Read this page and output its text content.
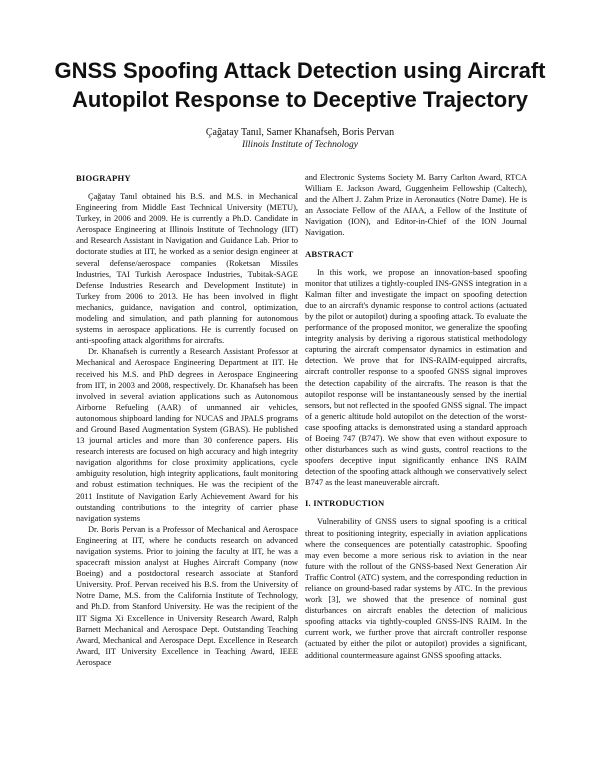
GNSS Spoofing Attack Detection using Aircraft
Autopilot Response to Deceptive Trajectory
Çağatay Tanıl, Samer Khanafseh, Boris Pervan
Illinois Institute of Technology

BIOGRAPHY

Çağatay Tanıl obtained his B.S. and M.S. in Mechanical Engineering from Middle East Technical University (METU), Turkey, in 2006 and 2009. He is currently a Ph.D. Candidate in Aerospace Engineering at Illinois Institute of Technology (IIT) and Research Assistant in Navigation and Guidance Lab. Prior to doctorate studies at IIT, he worked as a senior design engineer at several defense/aerospace companies (Roketsan Missiles Industries, TAI Turkish Aerospace Industries, Tubitak-SAGE Defense Industries Research and Development Institute) in Turkey from 2006 to 2013. He has been involved in flight mechanics, guidance, navigation and control, optimization, modeling and simulation, and path planning for autonomous systems in aerospace applications. He is currently focused on anti-spoofing attack algorithms for aircrafts.

Dr. Khanafseh is currently a Research Assistant Professor at Mechanical and Aerospace Engineering Department at IIT. He received his M.S. and PhD degrees in Aerospace Engineering from IIT, in 2003 and 2008, respectively. Dr. Khanafseh has been involved in several aviation applications such as Autonomous Airborne Refueling (AAR) of unmanned air vehicles, autonomous shipboard landing for NUCAS and JPALS programs and Ground Based Augmentation System (GBAS). He published 13 journal articles and more than 30 conference papers. His research interests are focused on high accuracy and high integrity navigation algorithms for close proximity applications, cycle ambiguity resolution, high integrity applications, fault monitoring and robust estimation techniques. He was the recipient of the 2011 Institute of Navigation Early Achievement Award for his outstanding contributions to the integrity of carrier phase navigation systems

Dr. Boris Pervan is a Professor of Mechanical and Aerospace Engineering at IIT, where he conducts research on advanced navigation systems. Prior to joining the faculty at IIT, he was a spacecraft mission analyst at Hughes Aircraft Company (now Boeing) and a postdoctoral research associate at Stanford University. Prof. Pervan received his B.S. from the University of Notre Dame, M.S. from the California Institute of Technology, and Ph.D. from Stanford University. He was the recipient of the IIT Sigma Xi Excellence in University Research Award, Ralph Barnett Mechanical and Aerospace Dept. Outstanding Teaching Award, Mechanical and Aerospace Dept. Excellence in Research Award, IIT University Excellence in Teaching Award, IEEE Aerospace

and Electronic Systems Society M. Barry Carlton Award, RTCA William E. Jackson Award, Guggenheim Fellowship (Caltech), and the Albert J. Zahm Prize in Aeronautics (Notre Dame). He is an Associate Fellow of the AIAA, a Fellow of the Institute of Navigation (ION), and Editor-in-Chief of the ION Journal Navigation.

ABSTRACT

In this work, we propose an innovation-based spoofing monitor that utilizes a tightly-coupled INS-GNSS integration in a Kalman filter and investigate the impact on spoofing detection due to an aircraft's dynamic response to control actions (actuated by the pilot or autopilot) during a spoofing attack. To evaluate the performance of the proposed monitor, we generalize the spoofing integrity analysis by deriving a rigorous statistical methodology capturing the aircraft compensator dynamics in estimation and detection. We prove that for INS-RAIM-equipped aircrafts, aircraft controller response to a spoofed GNSS signal improves the detection capability of the aircrafts. The reason is that the autopilot response will be instantaneously sensed by the inertial sensors, but not reflected in the spoofed GNSS signal. The impact of a generic altitude hold autopilot on the detection of the worst-case spoofing attacks is demonstrated using a standard approach of Boeing 747 (B747). We show that even without exposure to other disturbances such as wind gusts, control reactions to the spoofers deceptive input significantly enhance INS RAIM detection of the spoofing attack although we conservatively select B747 as the least maneuverable aircraft.

I. INTRODUCTION

Vulnerability of GNSS users to signal spoofing is a critical threat to positioning integrity, especially in aviation applications where the consequences are potentially catastrophic. Spoofing may even become a more serious risk to aviation in the near future with the rollout of the GNSS-based Next Generation Air Traffic Control (ATC) system, and the corresponding reduction in reliance on ground-based radar systems by ATC. In the previous work [3], we showed that the presence of nominal gust disturbances on aircraft enables the detection of malicious spoofing attacks via tightly-coupled GNSS-INS RAIM. In the current work, we further prove that aircraft controller response (actuated by either the pilot or autopilot) provides a significant, additional countermeasure against GNSS spoofing attacks.
